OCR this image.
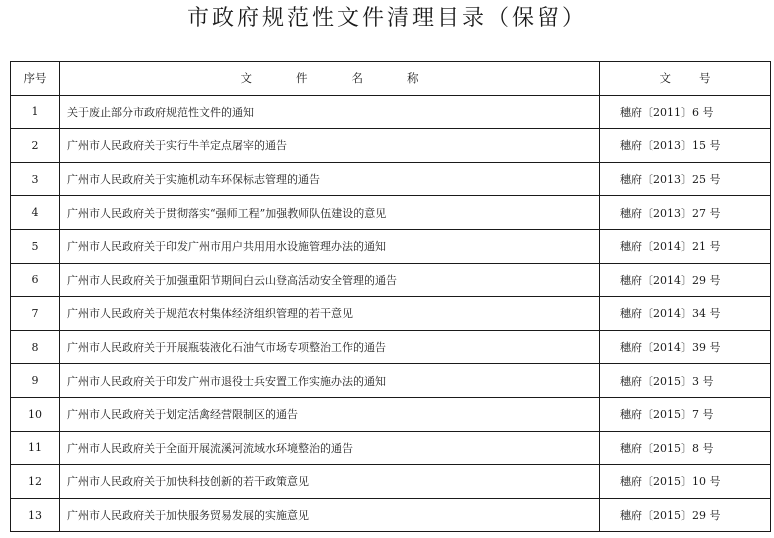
市政府规范性文件清理目录（保留）
序号	文 件 名 称	文 号
1	关于废止部分市政府规范性文件的通知	穗府〔2011〕6 号
2	广州市人民政府关于实行牛羊定点屠宰的通告	穗府〔2013〕15 号
3	广州市人民政府关于实施机动车环保标志管理的通告	穗府〔2013〕25 号
4	广州市人民政府关于贯彻落实“强师工程”加强教师队伍建设的意见	穗府〔2013〕27 号
5	广州市人民政府关于印发广州市用户共用用水设施管理办法的通知	穗府〔2014〕21 号
6	广州市人民政府关于加强重阳节期间白云山登高活动安全管理的通告	穗府〔2014〕29 号
7	广州市人民政府关于规范农村集体经济组织管理的若干意见	穗府〔2014〕34 号
8	广州市人民政府关于开展瓶装液化石油气市场专项整治工作的通告	穗府〔2014〕39 号
9	广州市人民政府关于印发广州市退役士兵安置工作实施办法的通知	穗府〔2015〕3 号
10	广州市人民政府关于划定活禽经营限制区的通告	穗府〔2015〕7 号
11	广州市人民政府关于全面开展流溪河流域水环境整治的通告	穗府〔2015〕8 号
12	广州市人民政府关于加快科技创新的若干政策意见	穗府〔2015〕10 号
13	广州市人民政府关于加快服务贸易发展的实施意见	穗府〔2015〕29 号
